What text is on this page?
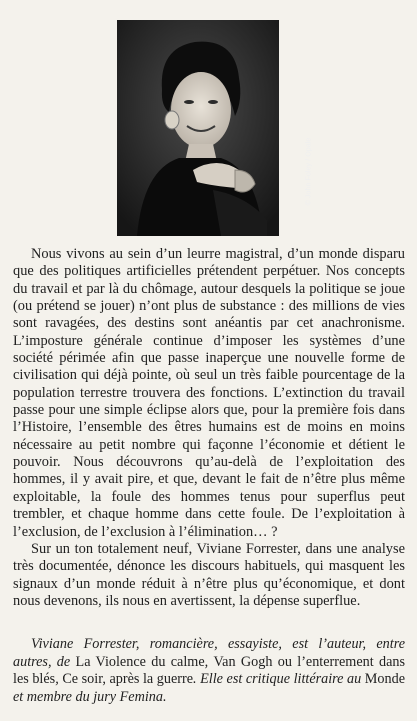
© John Foley / Opale

Nous vivons au sein d’un leurre magistral, d’un monde disparu que des politiques artificielles prétendent perpétuer. Nos concepts du travail et par là du chômage, autour desquels la politique se joue (ou prétend se jouer) n’ont plus de substance : des millions de vies sont ravagées, des destins sont anéantis par cet anachronisme. L’imposture générale continue d’imposer les systèmes d’une société périmée afin que passe inaperçue une nouvelle forme de civilisation qui déjà pointe, où seul un très faible pourcentage de la population terrestre trouvera des fonctions. L’extinction du travail passe pour une simple éclipse alors que, pour la première fois dans l’Histoire, l’ensemble des êtres humains est de moins en moins nécessaire au petit nombre qui façonne l’économie et détient le pouvoir. Nous découvrons qu’au-delà de l’exploitation des hommes, il y avait pire, et que, devant le fait de n’être plus même exploitable, la foule des hommes tenus pour superflus peut trembler, et chaque homme dans cette foule. De l’exploitation à l’exclusion, de l’exclusion à l’élimination… ?

Sur un ton totalement neuf, Viviane Forrester, dans une analyse très documentée, dénonce les discours habituels, qui masquent les signaux d’un monde réduit à n’être plus qu’économique, et dont nous devenons, ils nous en avertissent, la dépense superflue.

Viviane Forrester, romancière, essayiste, est l’auteur, entre autres, de La Violence du calme, Van Gogh ou l’enterrement dans les blés, Ce soir, après la guerre. Elle est critique littéraire au Monde et membre du jury Femina.
